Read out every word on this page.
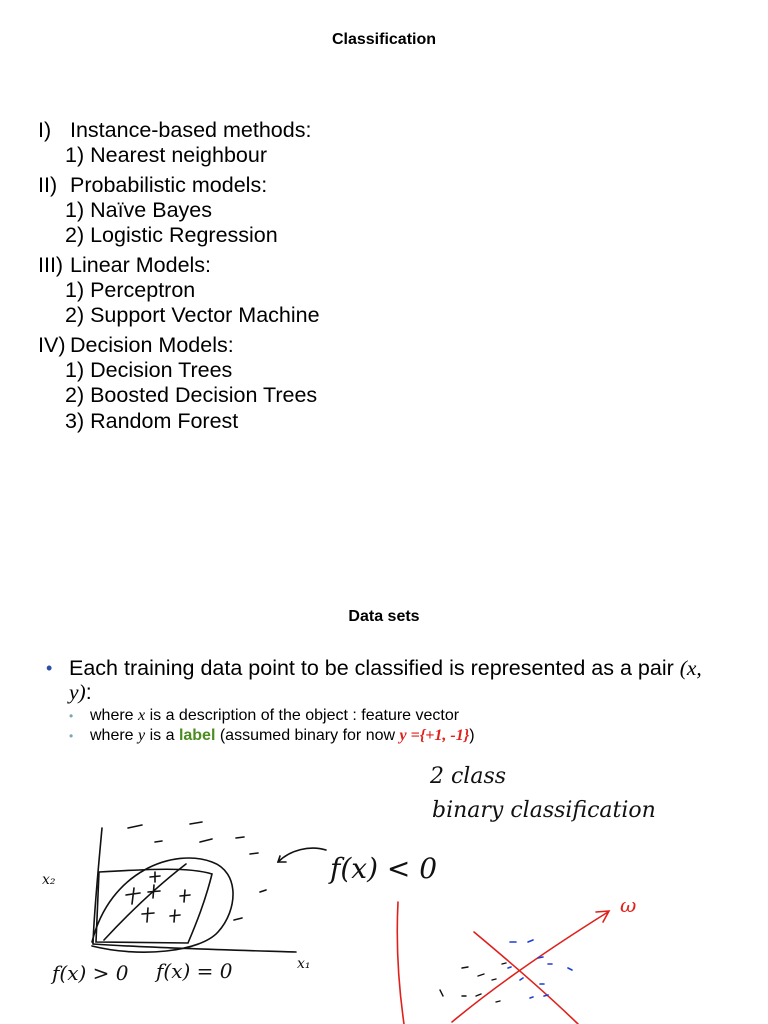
Classification
I) Instance-based methods:
1) Nearest neighbour
II) Probabilistic models:
1) Naïve Bayes
2) Logistic Regression
III) Linear Models:
1) Perceptron
2) Support Vector Machine
IV) Decision Models:
1) Decision Trees
2) Boosted Decision Trees
3) Random Forest
Data sets
• Each training data point to be classified is represented as a pair (x, y):
• where x is a description of the object : feature vector
• where y is a label (assumed binary for now y ={+1, -1})
2 class
binary classification
x₂
x₁
f(x) < 0
f(x) > 0 f(x) = 0
ω
